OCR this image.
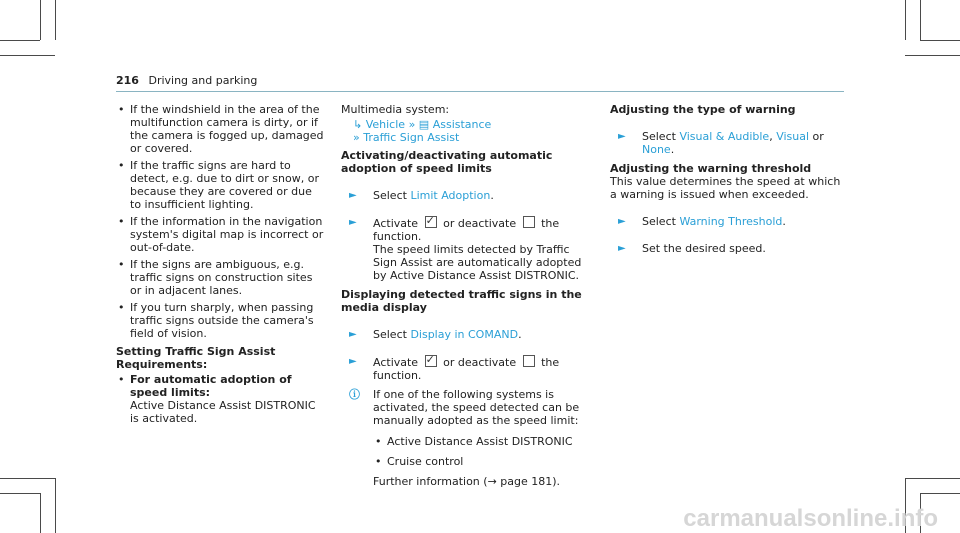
216 Driving and parking
• If the windshield in the area of the multifunction camera is dirty, or if the camera is fogged up, damaged or covered.
• If the traffic signs are hard to detect, e.g. due to dirt or snow, or because they are covered or due to insufficient lighting.
• If the information in the navigation system's digital map is incorrect or out-of-date.
• If the signs are ambiguous, e.g. traffic signs on construction sites or in adjacent lanes.
• If you turn sharply, when passing traffic signs outside the camera's field of vision.
Setting Traffic Sign Assist
Requirements:
• For automatic adoption of speed limits:
Active Distance Assist DISTRONIC is activated.

Multimedia system:

↳ Vehicle » ▤ Assistance
» Traffic Sign Assist
Activating/deactivating automatic adoption of speed limits
► Select Limit Adoption.
► Activate ✓ or deactivate the function.
The speed limits detected by Traffic Sign Assist are automatically adopted by Active Distance Assist DISTRONIC.
Displaying detected traffic signs in the media display
► Select Display in COMAND.
► Activate ✓ or deactivate the function.
ⓘ If one of the following systems is activated, the speed detected can be manually adopted as the speed limit:
• Active Distance Assist DISTRONIC
• Cruise control
Further information (→ page 181).
Adjusting the type of warning
► Select Visual & Audible, Visual or None.
Adjusting the warning threshold

This value determines the speed at which a warning is issued when exceeded.

► Select Warning Threshold.
► Set the desired speed.
carmanualsonline.info
